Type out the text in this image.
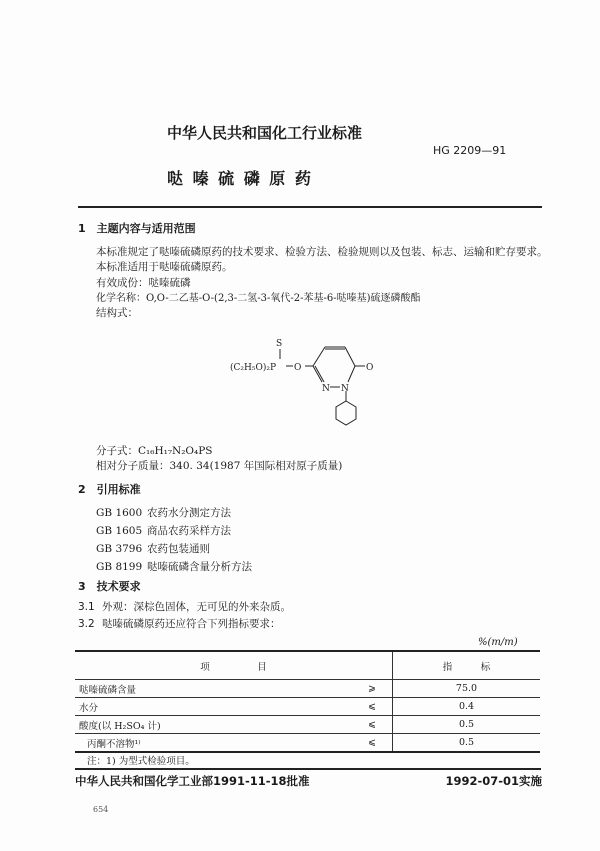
中华人民共和国化工行业标准
HG 2209—91
哒 嗪 硫 磷 原 药
1　主题内容与适用范围
本标准规定了哒嗪硫磷原药的技术要求、检验方法、检验规则以及包装、标志、运输和贮存要求。
本标准适用于哒嗪硫磷原药。
有效成份：哒嗪硫磷
化学名称：O,O-二乙基-O-(2,3-二氢-3-氧代-2-苯基-6-哒嗪基)硫逐磷酸酯
结构式：
S
(C₂H₅O)₂P O	O
N N
分子式：C₁₆H₁₇N₂O₄PS
相对分子质量：340. 34(1987 年国际相对原子质量)
2　引用标准
GB 1600 农药水分测定方法
GB 1605 商品农药采样方法
GB 3796 农药包装通则
GB 8199 哒嗪硫磷含量分析方法
3　技术要求
3.1 外观：深棕色固体，无可见的外来杂质。
3.2 哒嗪硫磷原药还应符合下列指标要求：
%(m/m)
项　　　　　目		指　　　标
哒嗪硫磷含量	⩾	75.0
水分	⩽	0.4
酸度(以 H₂SO₄ 计)	⩽	0.5
丙酮不溶物¹⁾	⩽	0.5
注：1) 为型式检验项目。
中华人民共和国化学工业部1991-11-18批准	1992-07-01实施
654
